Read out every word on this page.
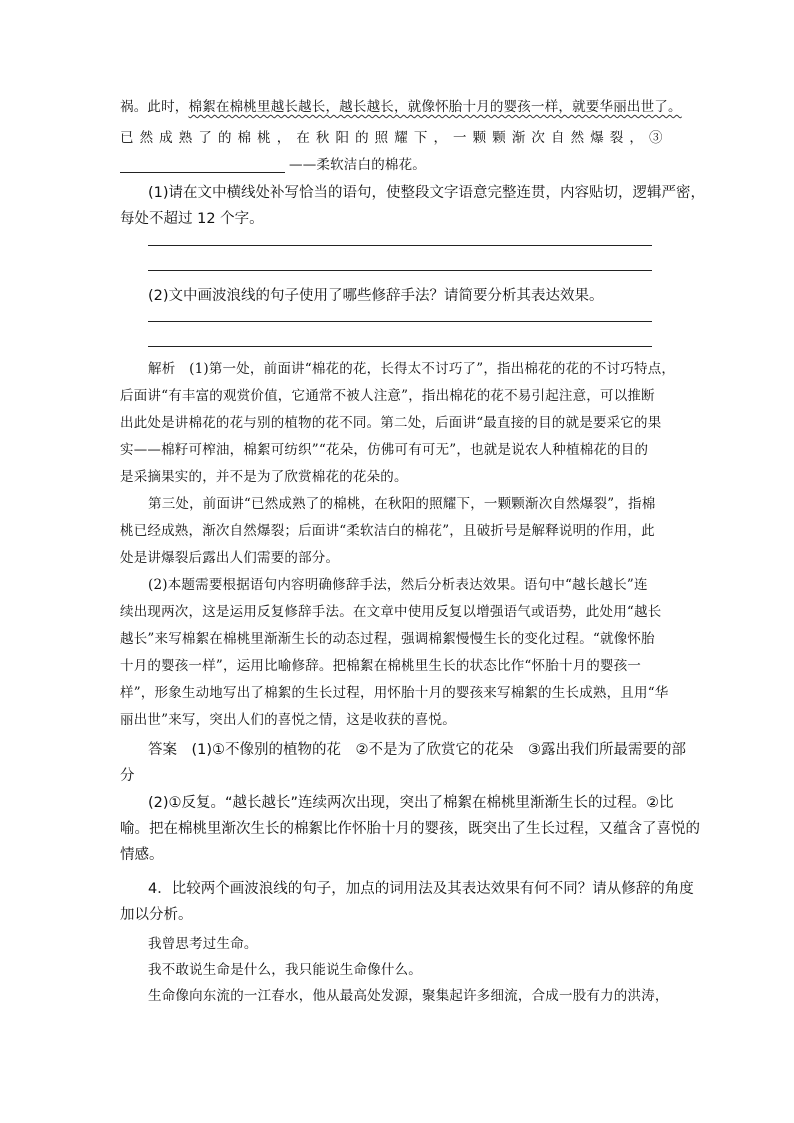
祸。此时，棉絮在棉桃里越长越长，越长越长，就像怀胎十月的婴孩一样，就要华丽出世了。
已 然 成 熟 了 的 棉 桃 ， 在 秋 阳 的 照 耀 下 ， 一 颗 颗 渐 次 自 然 爆 裂 ， ③
——柔软洁白的棉花。
(1)请在文中横线处补写恰当的语句，使整段文字语意完整连贯，内容贴切，逻辑严密，
每处不超过 12 个字。
(2)文中画波浪线的句子使用了哪些修辞手法？请简要分析其表达效果。
解析　(1)第一处，前面讲“棉花的花，长得太不讨巧了”，指出棉花的花的不讨巧特点，
后面讲“有丰富的观赏价值，它通常不被人注意”，指出棉花的花不易引起注意，可以推断
出此处是讲棉花的花与别的植物的花不同。第二处，后面讲“最直接的目的就是要采它的果
实——棉籽可榨油，棉絮可纺织”“花朵，仿佛可有可无”，也就是说农人种植棉花的目的
是采摘果实的，并不是为了欣赏棉花的花朵的。
第三处，前面讲“已然成熟了的棉桃，在秋阳的照耀下，一颗颗渐次自然爆裂”，指棉
桃已经成熟，渐次自然爆裂；后面讲“柔软洁白的棉花”，且破折号是解释说明的作用，此
处是讲爆裂后露出人们需要的部分。
(2)本题需要根据语句内容明确修辞手法，然后分析表达效果。语句中“越长越长”连
续出现两次，这是运用反复修辞手法。在文章中使用反复以增强语气或语势，此处用“越长
越长”来写棉絮在棉桃里渐渐生长的动态过程，强调棉絮慢慢生长的变化过程。“就像怀胎
十月的婴孩一样”，运用比喻修辞。把棉絮在棉桃里生长的状态比作“怀胎十月的婴孩一
样”，形象生动地写出了棉絮的生长过程，用怀胎十月的婴孩来写棉絮的生长成熟，且用“华
丽出世”来写，突出人们的喜悦之情，这是收获的喜悦。
答案　(1)①不像别的植物的花　②不是为了欣赏它的花朵　③露出我们所最需要的部
分
(2)①反复。“越长越长”连续两次出现，突出了棉絮在棉桃里渐渐生长的过程。②比
喻。把在棉桃里渐次生长的棉絮比作怀胎十月的婴孩，既突出了生长过程，又蕴含了喜悦的
情感。
4．比较两个画波浪线的句子，加点的词用法及其表达效果有何不同？请从修辞的角度
加以分析。
我曾思考过生命。
我不敢说生命是什么，我只能说生命像什么。
生命像向东流的一江春水，他从最高处发源，聚集起许多细流，合成一股有力的洪涛，
